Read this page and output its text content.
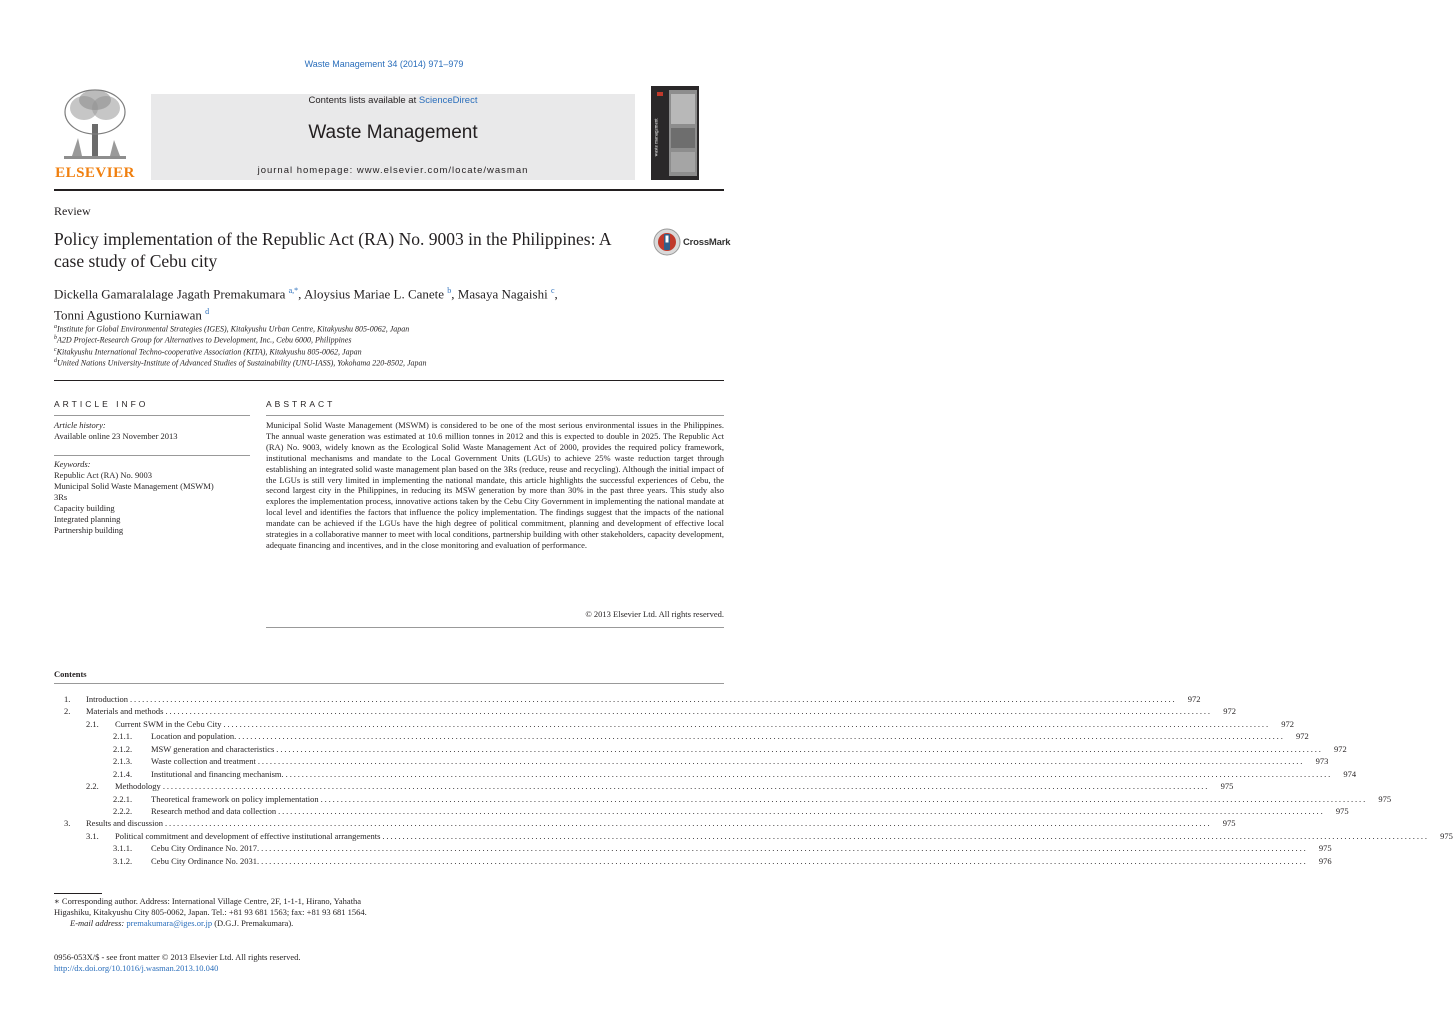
Waste Management 34 (2014) 971–979
ELSEVIER
Contents lists available at ScienceDirect
Waste Management
journal homepage: www.elsevier.com/locate/wasman
waste management
Review
Policy implementation of the Republic Act (RA) No. 9003 in the Philippines: A case study of Cebu city
CrossMark
Dickella Gamaralalage Jagath Premakumara $^{a,*}$, Aloysius Mariae L. Canete $^b$, Masaya Nagaishi $^c$,
Tonni Agustiono Kurniawan $^d$
$^a$Institute for Global Environmental Strategies (IGES), Kitakyushu Urban Centre, Kitakyushu 805-0062, Japan
$^b$A2D Project-Research Group for Alternatives to Development, Inc., Cebu 6000, Philippines
$^c$Kitakyushu International Techno-cooperative Association (KITA), Kitakyushu 805-0062, Japan
$^d$United Nations University-Institute of Advanced Studies of Sustainability (UNU-IASS), Yokohama 220-8502, Japan
ARTICLE INFO	ABSTRACT
Article history:
Available online 23 November 2013
Keywords:
Republic Act (RA) No. 9003
Municipal Solid Waste Management (MSWM)
3Rs
Capacity building
Integrated planning
Partnership building
Municipal Solid Waste Management (MSWM) is considered to be one of the most serious environmental issues in the Philippines. The annual waste generation was estimated at 10.6 million tonnes in 2012 and this is expected to double in 2025. The Republic Act (RA) No. 9003, widely known as the Ecological Solid Waste Management Act of 2000, provides the required policy framework, institutional mechanisms and mandate to the Local Government Units (LGUs) to achieve 25% waste reduction target through establishing an integrated solid waste management plan based on the 3Rs (reduce, reuse and recycling). Although the initial impact of the LGUs is still very limited in implementing the national mandate, this article highlights the successful experiences of Cebu, the second largest city in the Philippines, in reducing its MSW generation by more than 30% in the past three years. This study also explores the implementation process, innovative actions taken by the Cebu City Government in implementing the national mandate at local level and identifies the factors that influence the policy implementation. The findings suggest that the impacts of the national mandate can be achieved if the LGUs have the high degree of political commitment, planning and development of effective local strategies in a collaborative manner to meet with local conditions, partnership building with other stakeholders, capacity development, adequate financing and incentives, and in the close monitoring and evaluation of performance.
© 2013 Elsevier Ltd. All rights reserved.
Contents
1. Introduction ....................................................................................................................................................................................................................................................................	972
2. Materials and methods ....................................................................................................................................................................................................................................................................	972
2.1. Current SWM in the Cebu City ....................................................................................................................................................................................................................................................................	972
2.1.1. Location and population. ....................................................................................................................................................................................................................................................................	972
2.1.2. MSW generation and characteristics ....................................................................................................................................................................................................................................................................	972
2.1.3. Waste collection and treatment ....................................................................................................................................................................................................................................................................	973
2.1.4. Institutional and financing mechanism. ....................................................................................................................................................................................................................................................................	974
2.2. Methodology ....................................................................................................................................................................................................................................................................	975
2.2.1. Theoretical framework on policy implementation ....................................................................................................................................................................................................................................................................	975
2.2.2. Research method and data collection ....................................................................................................................................................................................................................................................................	975
3. Results and discussion ....................................................................................................................................................................................................................................................................	975
3.1. Political commitment and development of effective institutional arrangements ....................................................................................................................................................................................................................................................................	975
3.1.1. Cebu City Ordinance No. 2017. ....................................................................................................................................................................................................................................................................	975
3.1.2. Cebu City Ordinance No. 2031. ....................................................................................................................................................................................................................................................................	976
∗ Corresponding author. Address: International Village Centre, 2F, 1-1-1, Hirano, Yahatha Higashiku, Kitakyushu City 805-0062, Japan. Tel.: +81 93 681 1563; fax: +81 93 681 1564.
E-mail address: premakumara@iges.or.jp (D.G.J. Premakumara).
0956-053X/$ - see front matter © 2013 Elsevier Ltd. All rights reserved.
http://dx.doi.org/10.1016/j.wasman.2013.10.040
